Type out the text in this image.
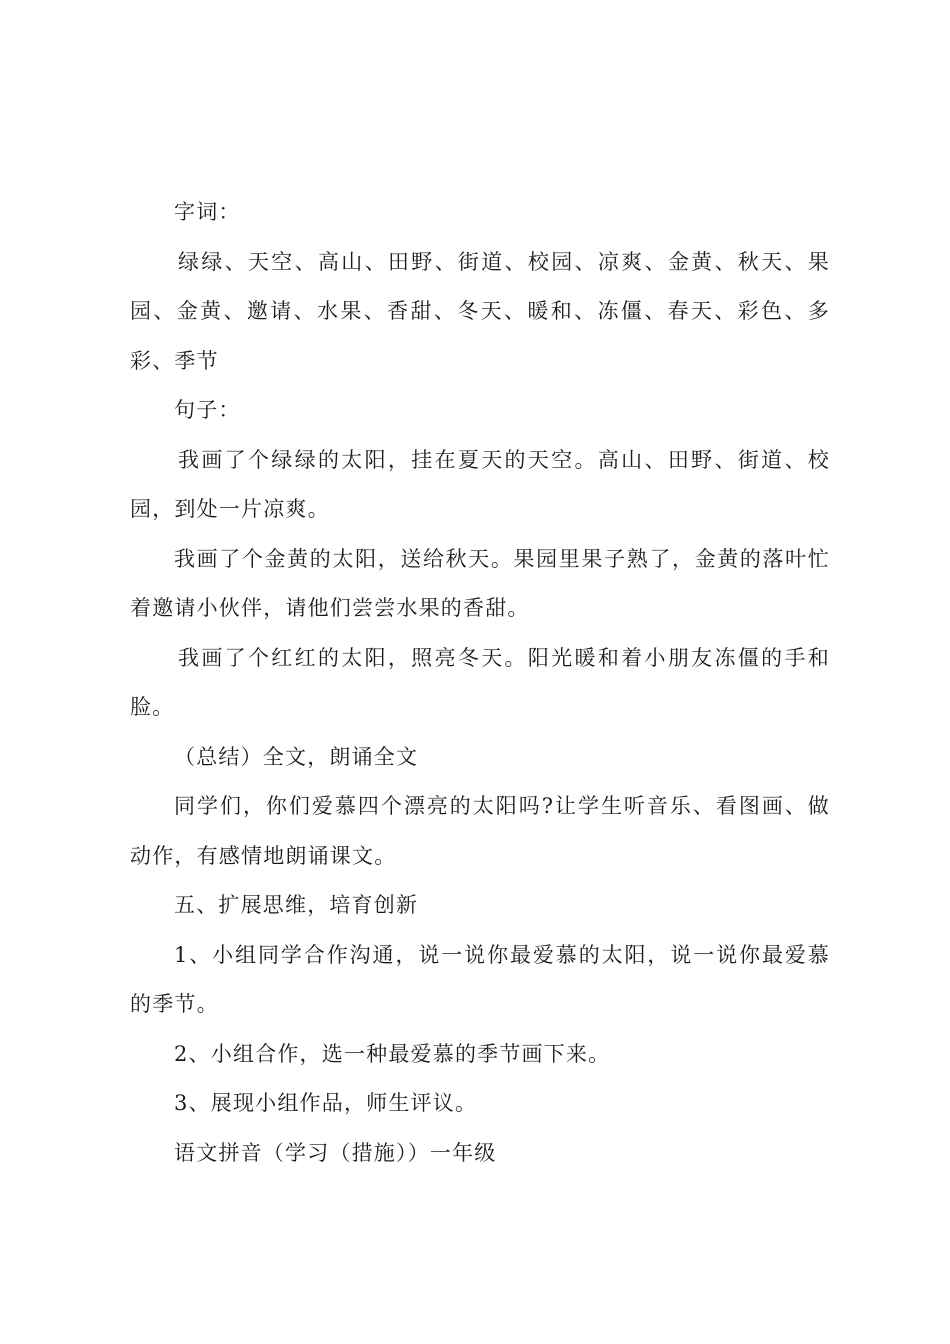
字词：

绿绿、天空、高山、田野、街道、校园、凉爽、金黄、秋天、果园、金黄、邀请、水果、香甜、冬天、暖和、冻僵、春天、彩色、多彩、季节

句子：

我画了个绿绿的太阳，挂在夏天的天空。高山、田野、街道、校园，到处一片凉爽。

我画了个金黄的太阳，送给秋天。果园里果子熟了，金黄的落叶忙着邀请小伙伴，请他们尝尝水果的香甜。

我画了个红红的太阳，照亮冬天。阳光暖和着小朋友冻僵的手和脸。

（总结）全文，朗诵全文

同学们，你们爱慕四个漂亮的太阳吗?让学生听音乐、看图画、做动作，有感情地朗诵课文。

五、扩展思维，培育创新

1、小组同学合作沟通，说一说你最爱慕的太阳，说一说你最爱慕的季节。

2、小组合作，选一种最爱慕的季节画下来。

3、展现小组作品，师生评议。

语文拼音（学习（措施））一年级
